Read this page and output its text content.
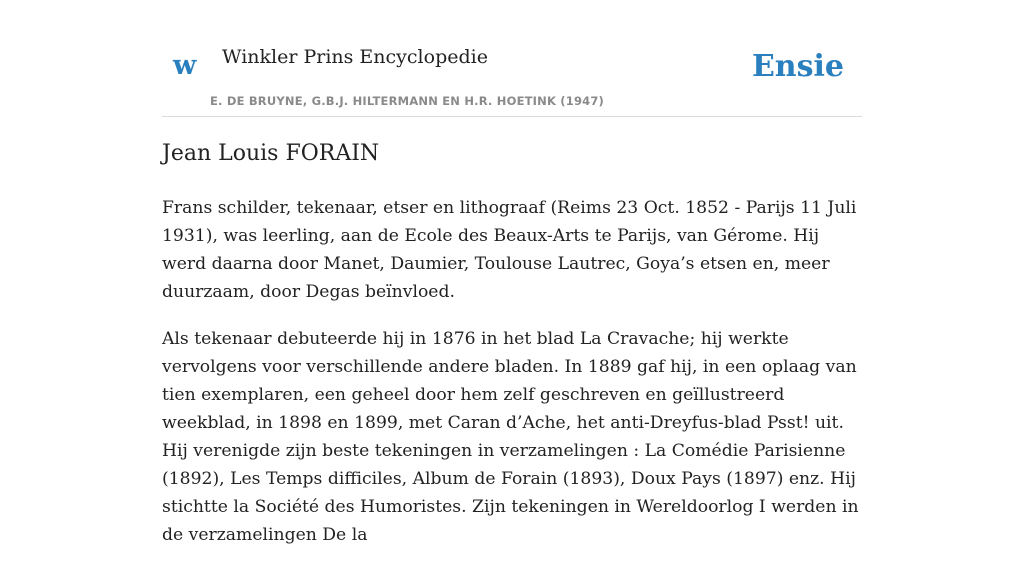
w Winkler Prins Encyclopedie
E. DE BRUYNE, G.B.J. HILTERMANN EN H.R. HOETINK (1947)
Ensie
Jean Louis FORAIN

Frans schilder, tekenaar, etser en lithograaf (Reims 23 Oct. 1852 - Parijs 11 Juli 1931), was leerling, aan de Ecole des Beaux-Arts te Parijs, van Gérome. Hij werd daarna door Manet, Daumier, Toulouse Lautrec, Goya’s etsen en, meer duurzaam, door Degas beïnvloed.

Als tekenaar debuteerde hij in 1876 in het blad La Cravache; hij werkte vervolgens voor verschillende andere bladen. In 1889 gaf hij, in een oplaag van tien exemplaren, een geheel door hem zelf geschreven en geïllustreerd weekblad, in 1898 en 1899, met Caran d’Ache, het anti-Dreyfus-blad Psst! uit. Hij verenigde zijn beste tekeningen in verzamelingen : La Comédie Parisienne (1892), Les Temps difficiles, Album de Forain (1893), Doux Pays (1897) enz. Hij stichtte la Société des Humoristes. Zijn tekeningen in Wereldoorlog I werden in de verzamelingen De la
